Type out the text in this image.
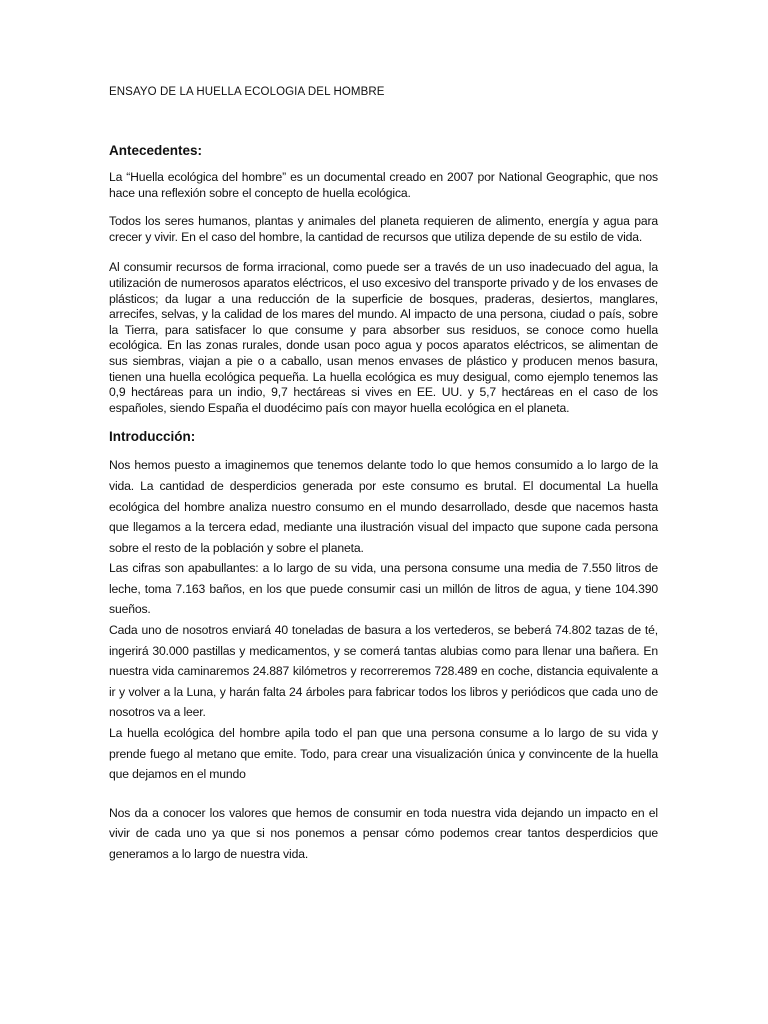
ENSAYO DE LA HUELLA ECOLOGIA DEL HOMBRE

Antecedentes:

La “Huella ecológica del hombre” es un documental creado en 2007 por National Geographic, que nos hace una reflexión sobre el concepto de huella ecológica.

Todos los seres humanos, plantas y animales del planeta requieren de alimento, energía y agua para crecer y vivir. En el caso del hombre, la cantidad de recursos que utiliza depende de su estilo de vida.

Al consumir recursos de forma irracional, como puede ser a través de un uso inadecuado del agua, la utilización de numerosos aparatos eléctricos, el uso excesivo del transporte privado y de los envases de plásticos; da lugar a una reducción de la superficie de bosques, praderas, desiertos, manglares, arrecifes, selvas, y la calidad de los mares del mundo. Al impacto de una persona, ciudad o país, sobre la Tierra, para satisfacer lo que consume y para absorber sus residuos, se conoce como huella ecológica. En las zonas rurales, donde usan poco agua y pocos aparatos eléctricos, se alimentan de sus siembras, viajan a pie o a caballo, usan menos envases de plástico y producen menos basura, tienen una huella ecológica pequeña. La huella ecológica es muy desigual, como ejemplo tenemos las 0,9 hectáreas para un indio, 9,7 hectáreas si vives en EE. UU. y 5,7 hectáreas en el caso de los españoles, siendo España el duodécimo país con mayor huella ecológica en el planeta.

Introducción:

Nos hemos puesto a imaginemos que tenemos delante todo lo que hemos consumido a lo largo de la vida. La cantidad de desperdicios generada por este consumo es brutal. El documental La huella ecológica del hombre analiza nuestro consumo en el mundo desarrollado, desde que nacemos hasta que llegamos a la tercera edad, mediante una ilustración visual del impacto que supone cada persona sobre el resto de la población y sobre el planeta.

Las cifras son apabullantes: a lo largo de su vida, una persona consume una media de 7.550 litros de leche, toma 7.163 baños, en los que puede consumir casi un millón de litros de agua, y tiene 104.390 sueños.

Cada uno de nosotros enviará 40 toneladas de basura a los vertederos, se beberá 74.802 tazas de té, ingerirá 30.000 pastillas y medicamentos, y se comerá tantas alubias como para llenar una bañera. En nuestra vida caminaremos 24.887 kilómetros y recorreremos 728.489 en coche, distancia equivalente a ir y volver a la Luna, y harán falta 24 árboles para fabricar todos los libros y periódicos que cada uno de nosotros va a leer.

La huella ecológica del hombre apila todo el pan que una persona consume a lo largo de su vida y prende fuego al metano que emite. Todo, para crear una visualización única y convincente de la huella que dejamos en el mundo

Nos da a conocer los valores que hemos de consumir en toda nuestra vida dejando un impacto en el vivir de cada uno ya que si nos ponemos a pensar cómo podemos crear tantos desperdicios que generamos a lo largo de nuestra vida.
